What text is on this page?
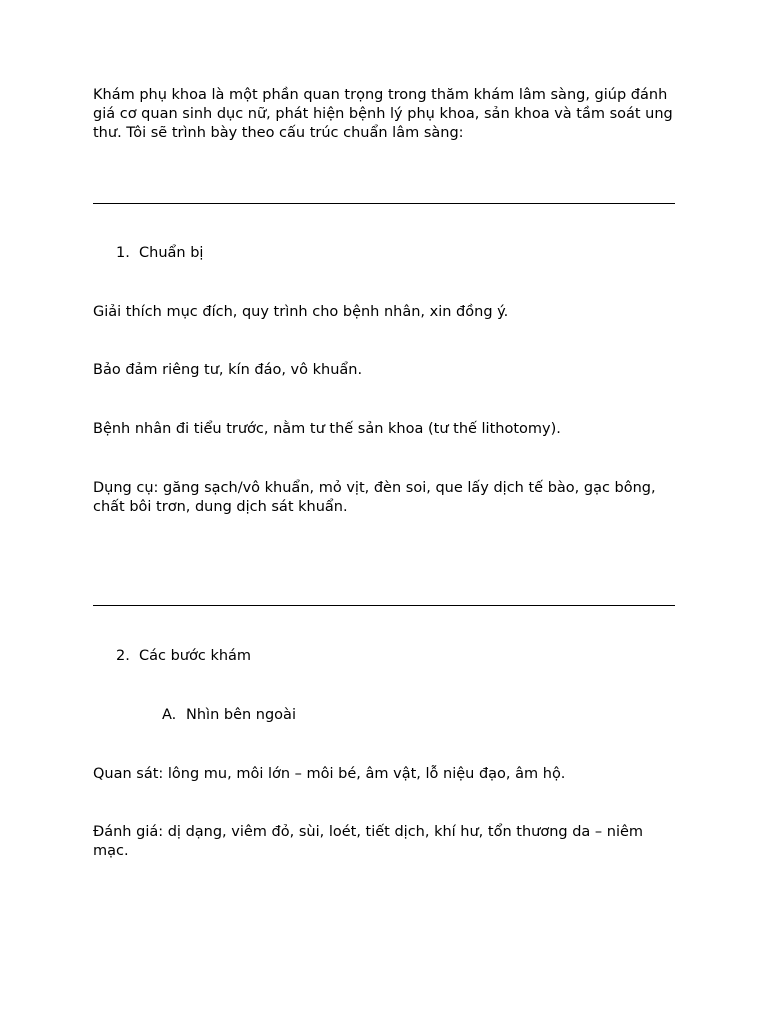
Khám phụ khoa là một phần quan trọng trong thăm khám lâm sàng, giúp đánh giá cơ quan sinh dục nữ, phát hiện bệnh lý phụ khoa, sản khoa và tầm soát ung thư. Tôi sẽ trình bày theo cấu trúc chuẩn lâm sàng:

1. Chuẩn bị

Giải thích mục đích, quy trình cho bệnh nhân, xin đồng ý.

Bảo đảm riêng tư, kín đáo, vô khuẩn.

Bệnh nhân đi tiểu trước, nằm tư thế sản khoa (tư thế lithotomy).

Dụng cụ: găng sạch/vô khuẩn, mỏ vịt, đèn soi, que lấy dịch tế bào, gạc bông, chất bôi trơn, dung dịch sát khuẩn.

2. Các bước khám

A. Nhìn bên ngoài

Quan sát: lông mu, môi lớn – môi bé, âm vật, lỗ niệu đạo, âm hộ.

Đánh giá: dị dạng, viêm đỏ, sùi, loét, tiết dịch, khí hư, tổn thương da – niêm mạc.
